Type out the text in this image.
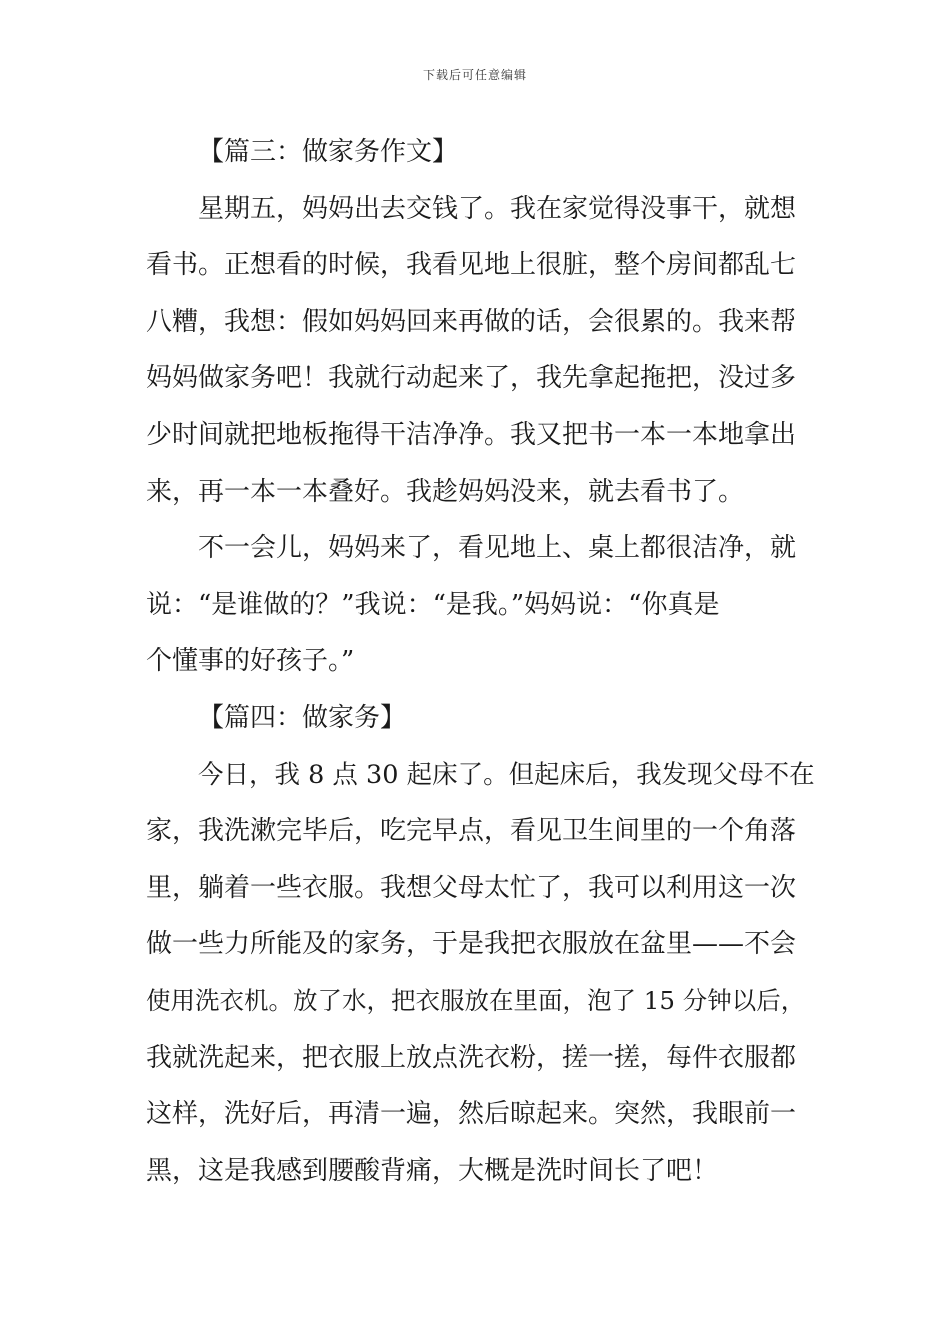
下载后可任意编辑
【篇三：做家务作文】
星期五，妈妈出去交钱了。我在家觉得没事干，就想
看书。正想看的时候，我看见地上很脏，整个房间都乱七
八糟，我想：假如妈妈回来再做的话，会很累的。我来帮
妈妈做家务吧！我就行动起来了，我先拿起拖把，没过多
少时间就把地板拖得干洁净净。我又把书一本一本地拿出
来，再一本一本叠好。我趁妈妈没来，就去看书了。
不一会儿，妈妈来了，看见地上、桌上都很洁净，就
说：“是谁做的？”我说：“是我。”妈妈说：“你真是
个懂事的好孩子。”
【篇四：做家务】
今日，我 8 点 30 起床了。但起床后，我发现父母不在
家，我洗漱完毕后，吃完早点，看见卫生间里的一个角落
里，躺着一些衣服。我想父母太忙了，我可以利用这一次
做一些力所能及的家务，于是我把衣服放在盆里——不会
使用洗衣机。放了水，把衣服放在里面，泡了 15 分钟以后，
我就洗起来，把衣服上放点洗衣粉，搓一搓，每件衣服都
这样，洗好后，再清一遍，然后晾起来。突然，我眼前一
黑，这是我感到腰酸背痛，大概是洗时间长了吧！
